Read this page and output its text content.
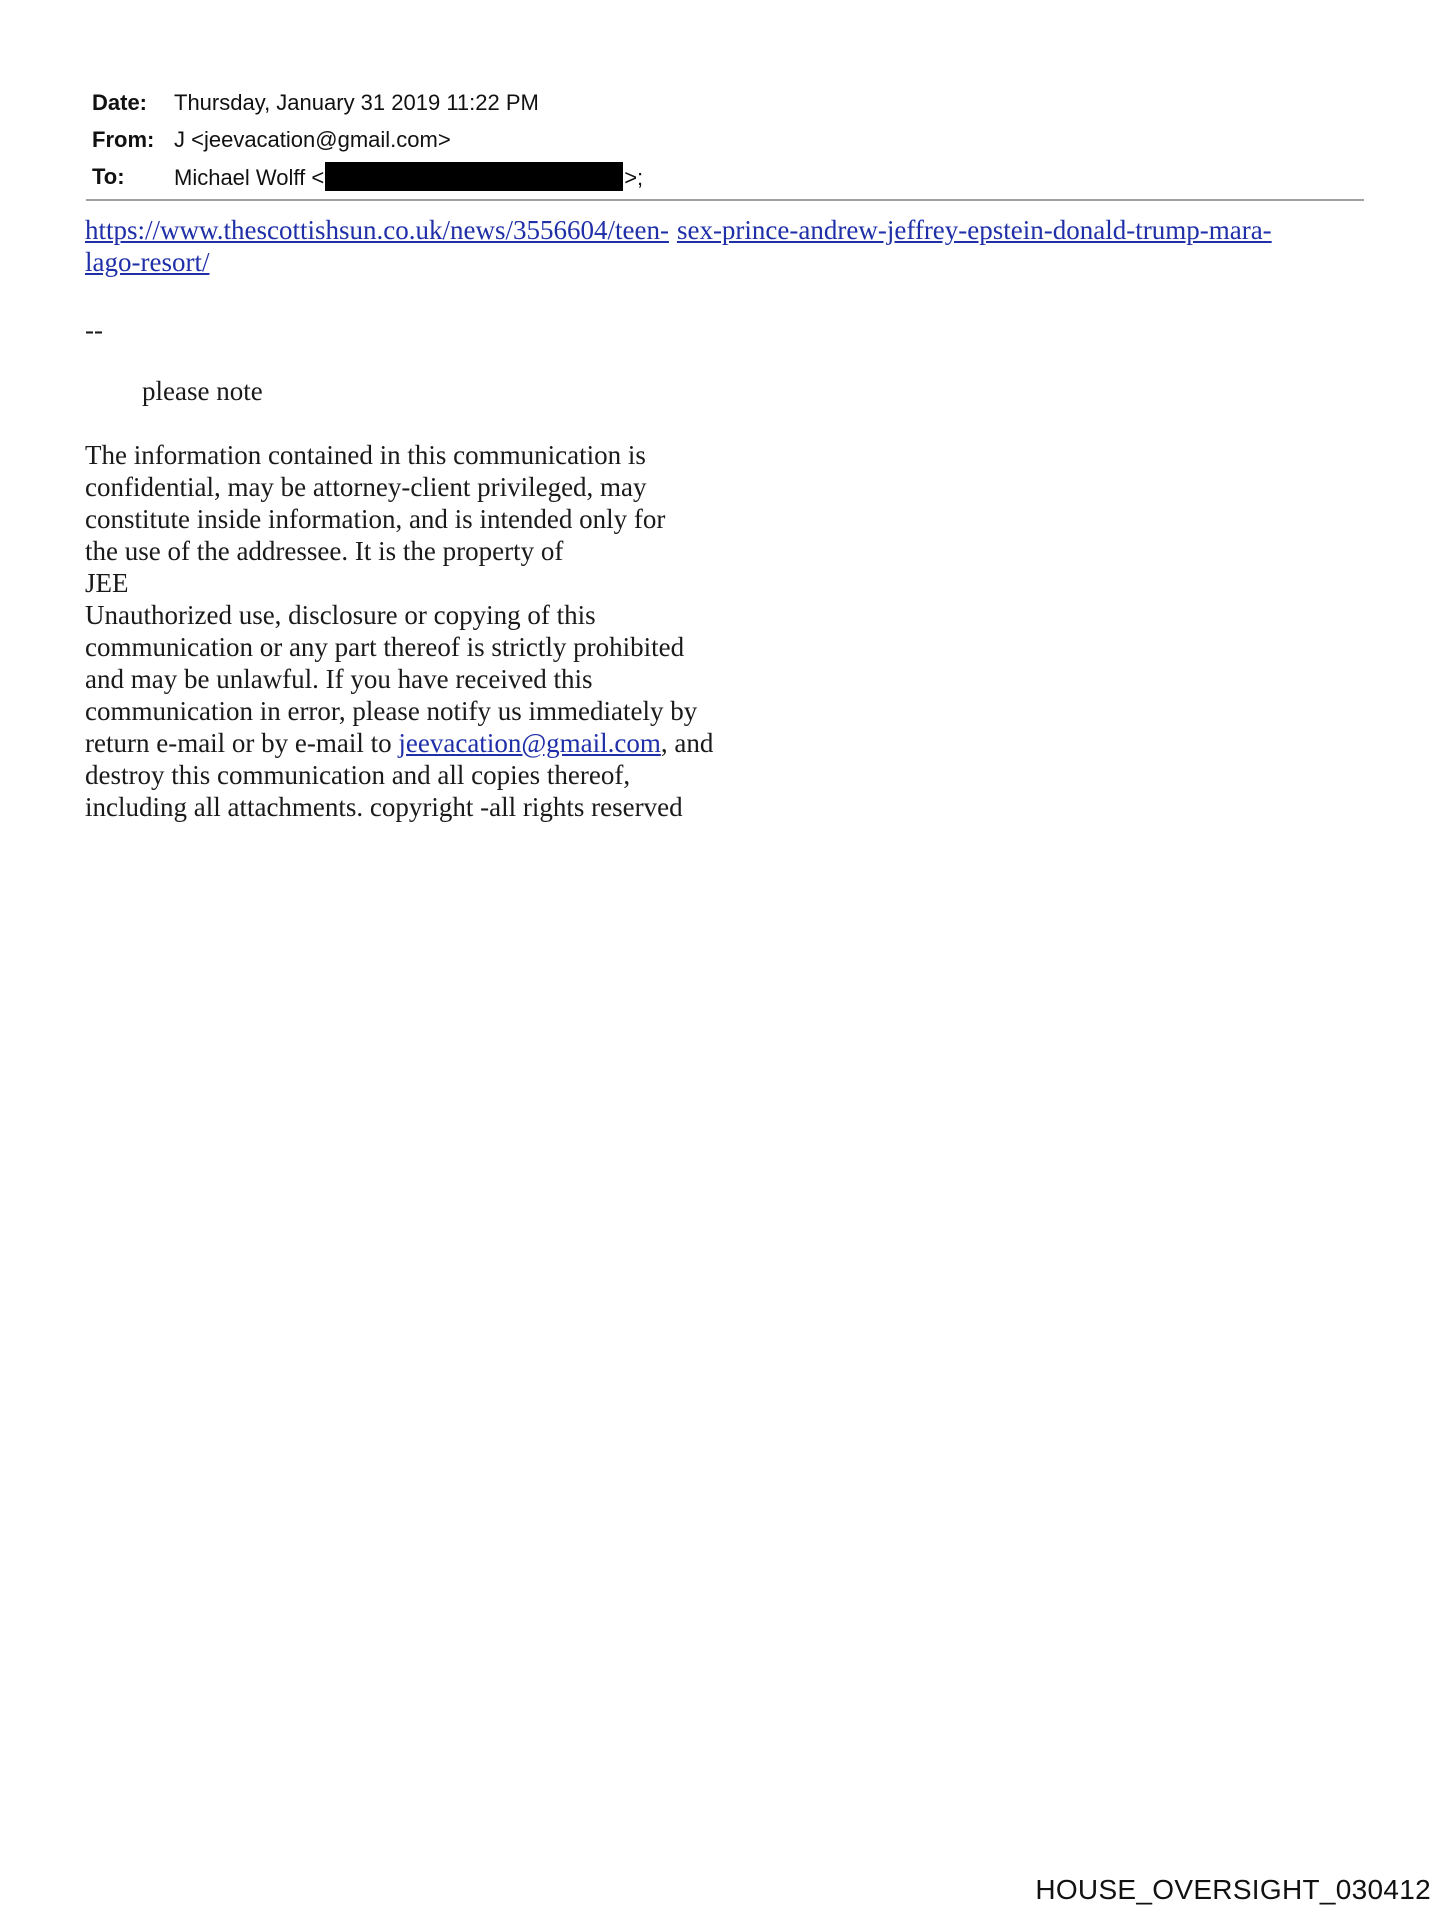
Date: Thursday, January 31 2019 11:22 PM
From: J <jeevacation@gmail.com>
To: Michael Wolff <	>;
https://www.thescottishsun.co.uk/news/3556604/teen- sex-prince-andrew-jeffrey-epstein-donald-trump-mara-
lago-resort/
--
please note
The information contained in this communication is
confidential, may be attorney-client privileged, may
constitute inside information, and is intended only for
the use of the addressee. It is the property of
JEE
Unauthorized use, disclosure or copying of this
communication or any part thereof is strictly prohibited
and may be unlawful. If you have received this
communication in error, please notify us immediately by
return e-mail or by e-mail to jeevacation@gmail.com, and
destroy this communication and all copies thereof,
including all attachments. copyright -all rights reserved
HOUSE_OVERSIGHT_030412
